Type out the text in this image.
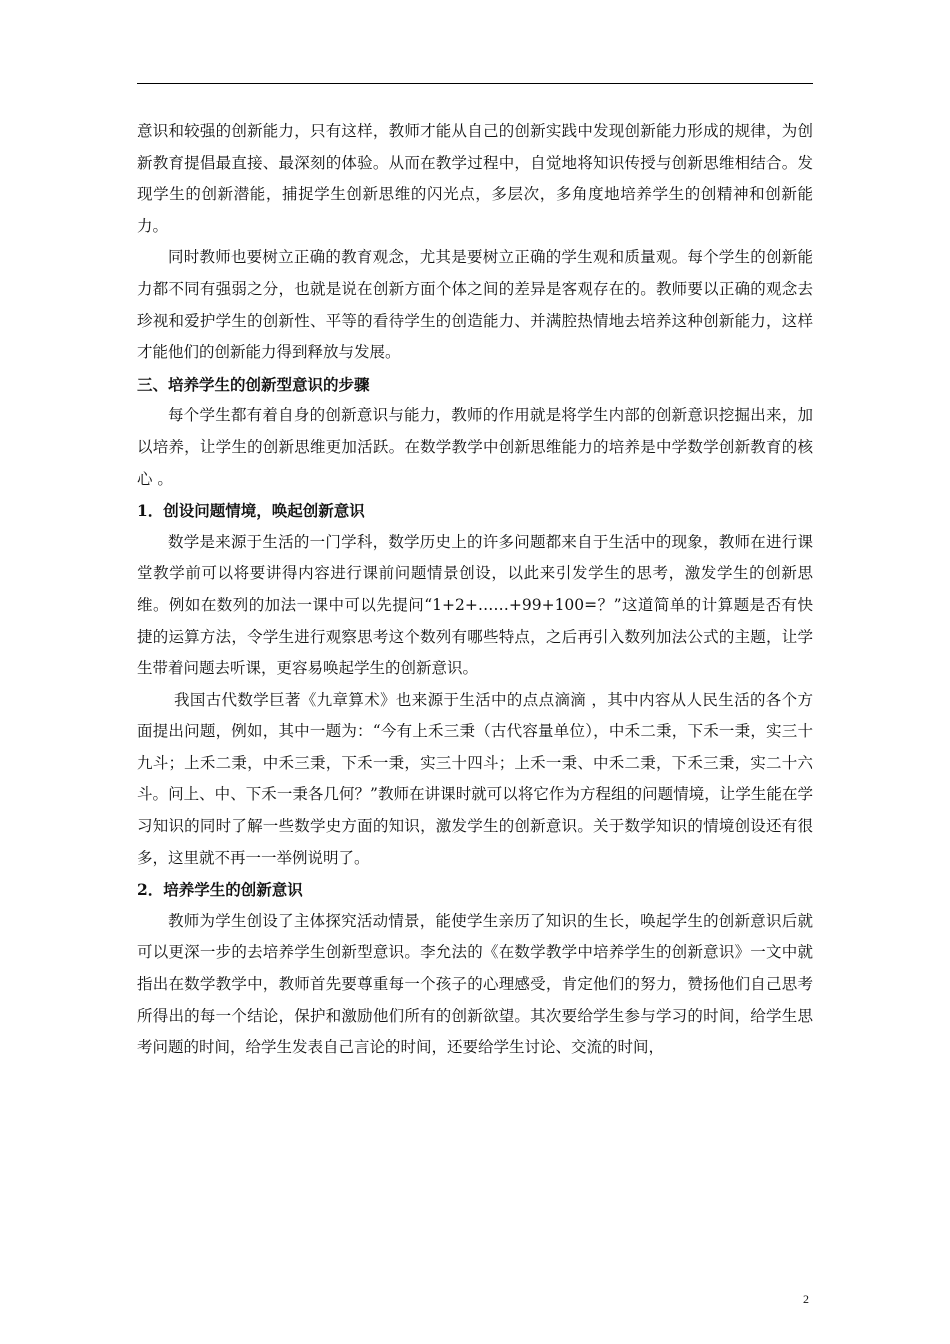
意识和较强的创新能力，只有这样，教师才能从自己的创新实践中发现创新能力形成的规律，为创新教育提倡最直接、最深刻的体验。从而在教学过程中，自觉地将知识传授与创新思维相结合。发现学生的创新潜能，捕捉学生创新思维的闪光点，多层次，多角度地培养学生的创精神和创新能力。

同时教师也要树立正确的教育观念，尤其是要树立正确的学生观和质量观。每个学生的创新能力都不同有强弱之分，也就是说在创新方面个体之间的差异是客观存在的。教师要以正确的观念去珍视和爱护学生的创新性、平等的看待学生的创造能力、并满腔热情地去培养这种创新能力，这样才能他们的创新能力得到释放与发展。

三、培养学生的创新型意识的步骤

每个学生都有着自身的创新意识与能力，教师的作用就是将学生内部的创新意识挖掘出来，加以培养，让学生的创新思维更加活跃。在数学教学中创新思维能力的培养是中学数学创新教育的核心 。

1．创设问题情境，唤起创新意识

数学是来源于生活的一门学科，数学历史上的许多问题都来自于生活中的现象，教师在进行课堂教学前可以将要讲得内容进行课前问题情景创设，以此来引发学生的思考，激发学生的创新思维。例如在数列的加法一课中可以先提问“1+2+……+99+100=？”这道简单的计算题是否有快捷的运算方法，令学生进行观察思考这个数列有哪些特点，之后再引入数列加法公式的主题，让学生带着问题去听课，更容易唤起学生的创新意识。

我国古代数学巨著《九章算术》也来源于生活中的点点滴滴 ，其中内容从人民生活的各个方面提出问题，例如，其中一题为：“今有上禾三秉（古代容量单位），中禾二秉，下禾一秉，实三十九斗；上禾二秉，中禾三秉，下禾一秉，实三十四斗；上禾一秉、中禾二秉，下禾三秉，实二十六斗。问上、中、下禾一秉各几何？”教师在讲课时就可以将它作为方程组的问题情境，让学生能在学习知识的同时了解一些数学史方面的知识，激发学生的创新意识。关于数学知识的情境创设还有很多，这里就不再一一举例说明了。

2．培养学生的创新意识

教师为学生创设了主体探究活动情景，能使学生亲历了知识的生长，唤起学生的创新意识后就可以更深一步的去培养学生创新型意识。李允法的《在数学教学中培养学生的创新意识》一文中就指出在数学教学中，教师首先要尊重每一个孩子的心理感受，肯定他们的努力，赞扬他们自己思考所得出的每一个结论，保护和激励他们所有的创新欲望。其次要给学生参与学习的时间，给学生思考问题的时间，给学生发表自己言论的时间，还要给学生讨论、交流的时间，

2
